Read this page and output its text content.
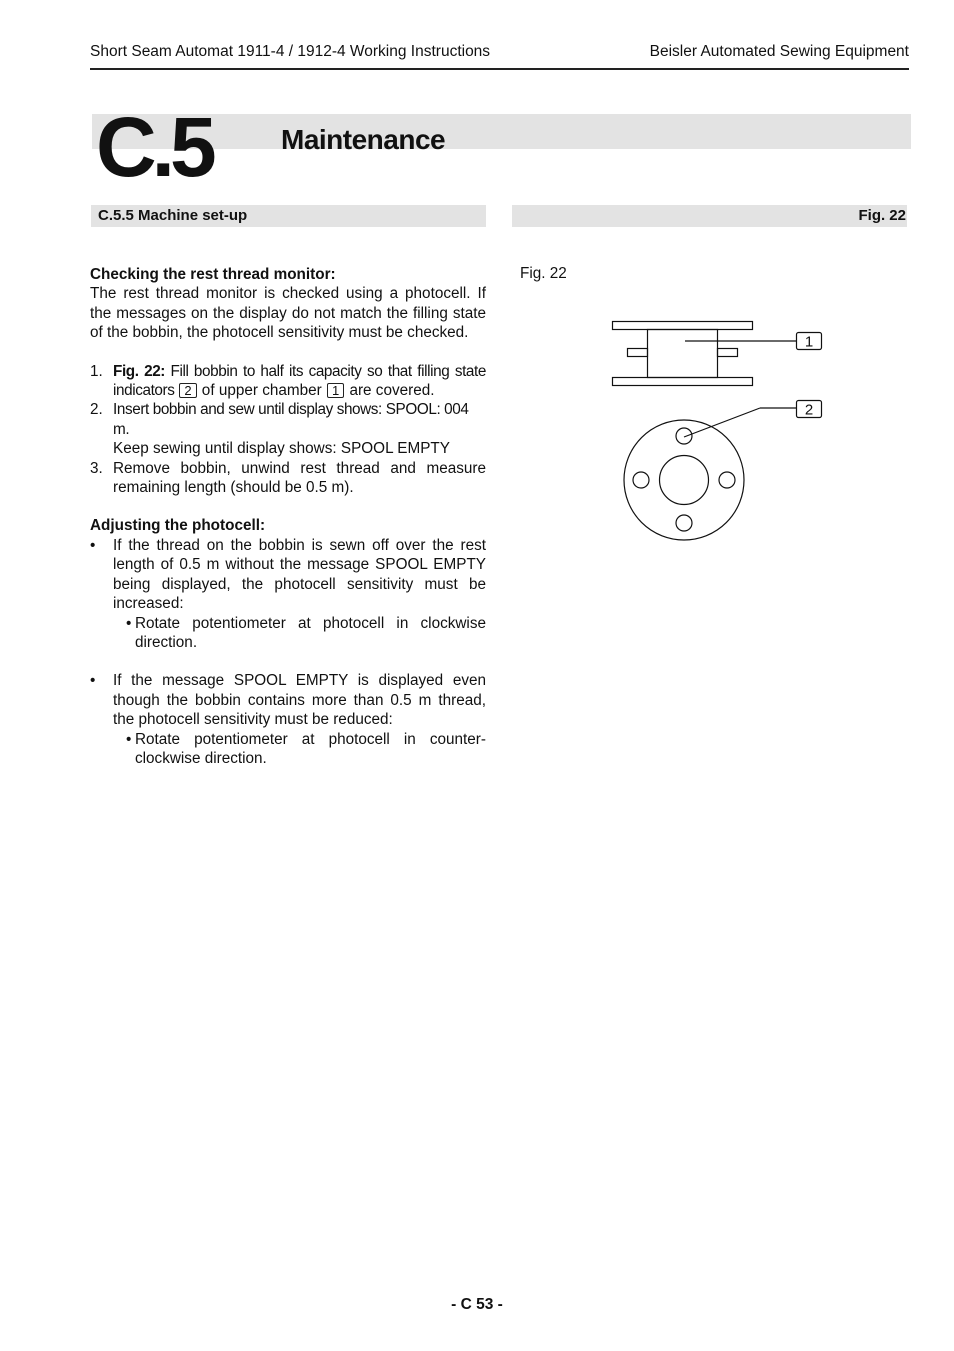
Short Seam Automat 1911-4 / 1912-4 Working Instructions	Beisler Automated Sewing Equipment
C.5 Maintenance
C.5.5 Machine set-up	Fig. 22

Checking the rest thread monitor:

The rest thread monitor is checked using a photocell. If the messages on the display do not match the filling state of the bobbin, the photocell sensitivity must be checked.

1. Fig. 22: Fill bobbin to half its capacity so that filling state indicators 2 of upper chamber 1 are covered.
2. Insert bobbin and sew until display shows: SPOOL: 004 m.
Keep sewing until display shows: SPOOL EMPTY
3. Remove bobbin, unwind rest thread and measure remaining length (should be 0.5 m).

Adjusting the photocell:

• If the thread on the bobbin is sewn off over the rest length of 0.5 m without the message SPOOL EMPTY being displayed, the photocell sensitivity must be increased:
• Rotate potentiometer at photocell in clockwise direction.
• If the message SPOOL EMPTY is displayed even though the bobbin contains more than 0.5 m thread, the photocell sensitivity must be reduced:
• Rotate potentiometer at photocell in counter-clockwise direction.
Fig. 22
1
2
- C 53 -
